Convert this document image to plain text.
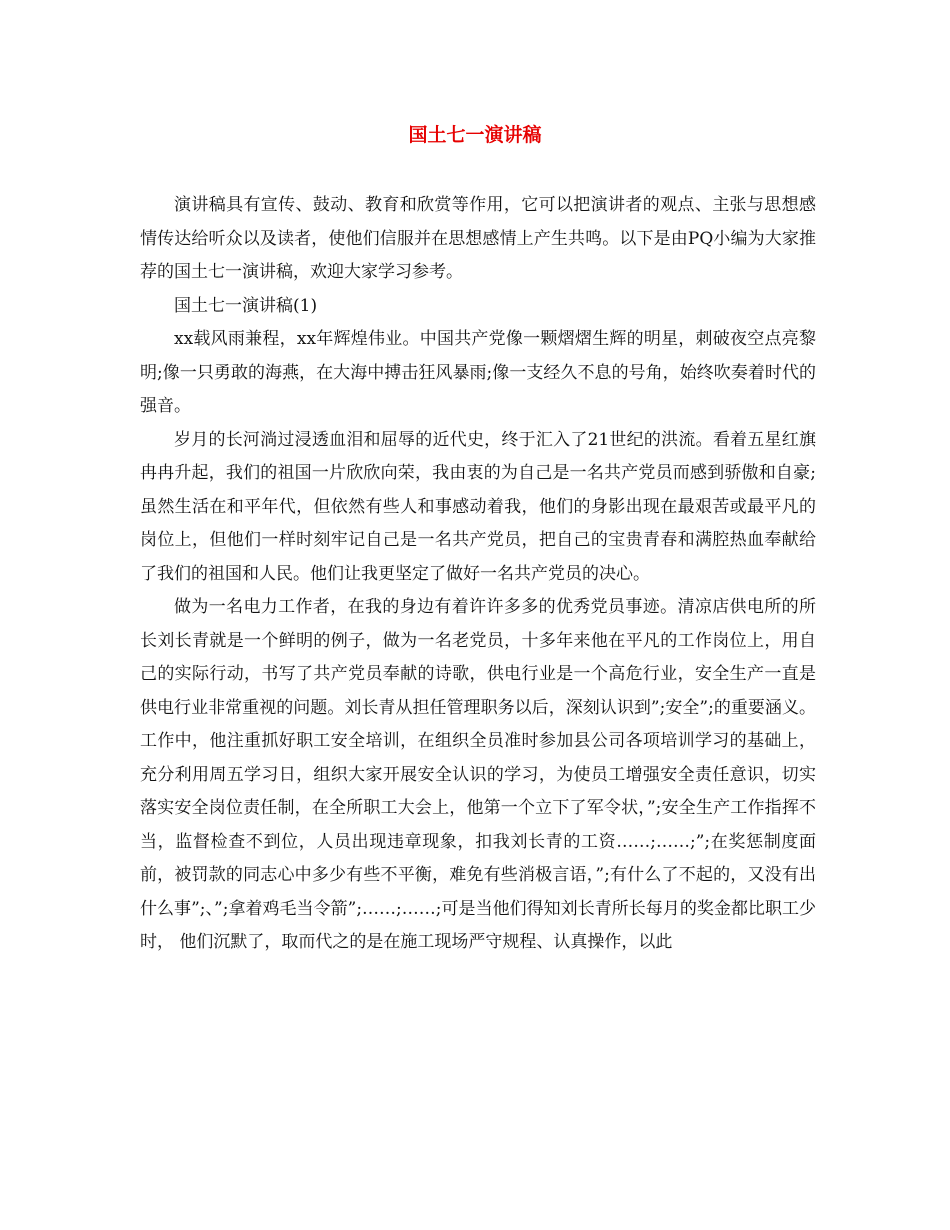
国土七一演讲稿

演讲稿具有宣传、鼓动、教育和欣赏等作用，它可以把演讲者的观点、主张与思想感情传达给听众以及读者，使他们信服并在思想感情上产生共鸣。以下是由PQ小编为大家推荐的国土七一演讲稿，欢迎大家学习参考。

国土七一演讲稿(1)

xx载风雨兼程，xx年辉煌伟业。中国共产党像一颗熠熠生辉的明星，刺破夜空点亮黎明;像一只勇敢的海燕，在大海中搏击狂风暴雨;像一支经久不息的号角，始终吹奏着时代的强音。

岁月的长河淌过浸透血泪和屈辱的近代史，终于汇入了21世纪的洪流。看着五星红旗冉冉升起，我们的祖国一片欣欣向荣，我由衷的为自己是一名共产党员而感到骄傲和自豪;虽然生活在和平年代，但依然有些人和事感动着我，他们的身影出现在最艰苦或最平凡的岗位上，但他们一样时刻牢记自己是一名共产党员，把自己的宝贵青春和满腔热血奉献给了我们的祖国和人民。他们让我更坚定了做好一名共产党员的决心。

做为一名电力工作者，在我的身边有着许许多多的优秀党员事迹。清凉店供电所的所长刘长青就是一个鲜明的例子，做为一名老党员，十多年来他在平凡的工作岗位上，用自己的实际行动，书写了共产党员奉献的诗歌，供电行业是一个高危行业，安全生产一直是供电行业非常重视的问题。刘长青从担任管理职务以后，深刻认识到”;安全”;的重要涵义。工作中，他注重抓好职工安全培训，在组织全员准时参加县公司各项培训学习的基础上，充分利用周五学习日，组织大家开展安全认识的学习，为使员工增强安全责任意识，切实落实安全岗位责任制，在全所职工大会上，他第一个立下了军令状，”;安全生产工作指挥不当，监督检查不到位，人员出现违章现象，扣我刘长青的工资……;……;”;在奖惩制度面前，被罚款的同志心中多少有些不平衡，难免有些消极言语，”;有什么了不起的，又没有出什么事”;、”;拿着鸡毛当令箭”;……;……;可是当他们得知刘长青所长每月的奖金都比职工少时， 他们沉默了，取而代之的是在施工现场严守规程、认真操作，以此
